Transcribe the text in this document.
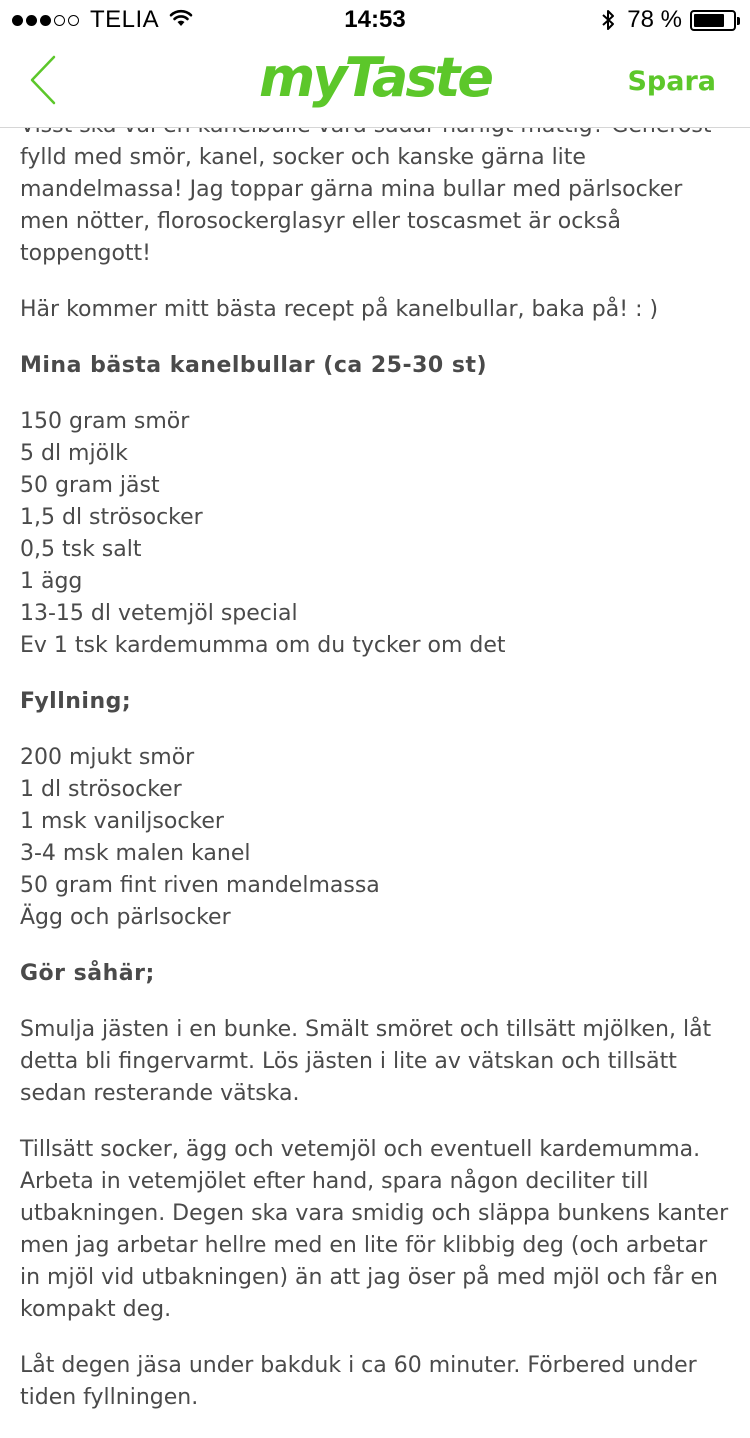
TELIA	14:53	78 %
myTaste	Spara

fylld med smör, kanel, socker och kanske gärna lite mandelmassa! Jag toppar gärna mina bullar med pärlsocker men nötter, florosockerglasyr eller toscasmet är också toppengott!

Här kommer mitt bästa recept på kanelbullar, baka på! : )

Mina bästa kanelbullar (ca 25-30 st)
150 gram smör
5 dl mjölk
50 gram jäst
1,5 dl strösocker
0,5 tsk salt
1 ägg
13-15 dl vetemjöl special
Ev 1 tsk kardemumma om du tycker om det
Fyllning;
200 mjukt smör
1 dl strösocker
1 msk vaniljsocker
3-4 msk malen kanel
50 gram fint riven mandelmassa
Ägg och pärlsocker
Gör såhär;

Smulja jästen i en bunke. Smält smöret och tillsätt mjölken, låt detta bli fingervarmt. Lös jästen i lite av vätskan och tillsätt sedan resterande vätska.

Tillsätt socker, ägg och vetemjöl och eventuell kardemumma. Arbeta in vetemjölet efter hand, spara någon deciliter till utbakningen. Degen ska vara smidig och släppa bunkens kanter men jag arbetar hellre med en lite för klibbig deg (och arbetar in mjöl vid utbakningen) än att jag öser på med mjöl och får en kompakt deg.

Låt degen jäsa under bakduk i ca 60 minuter. Förbered under tiden fyllningen.
